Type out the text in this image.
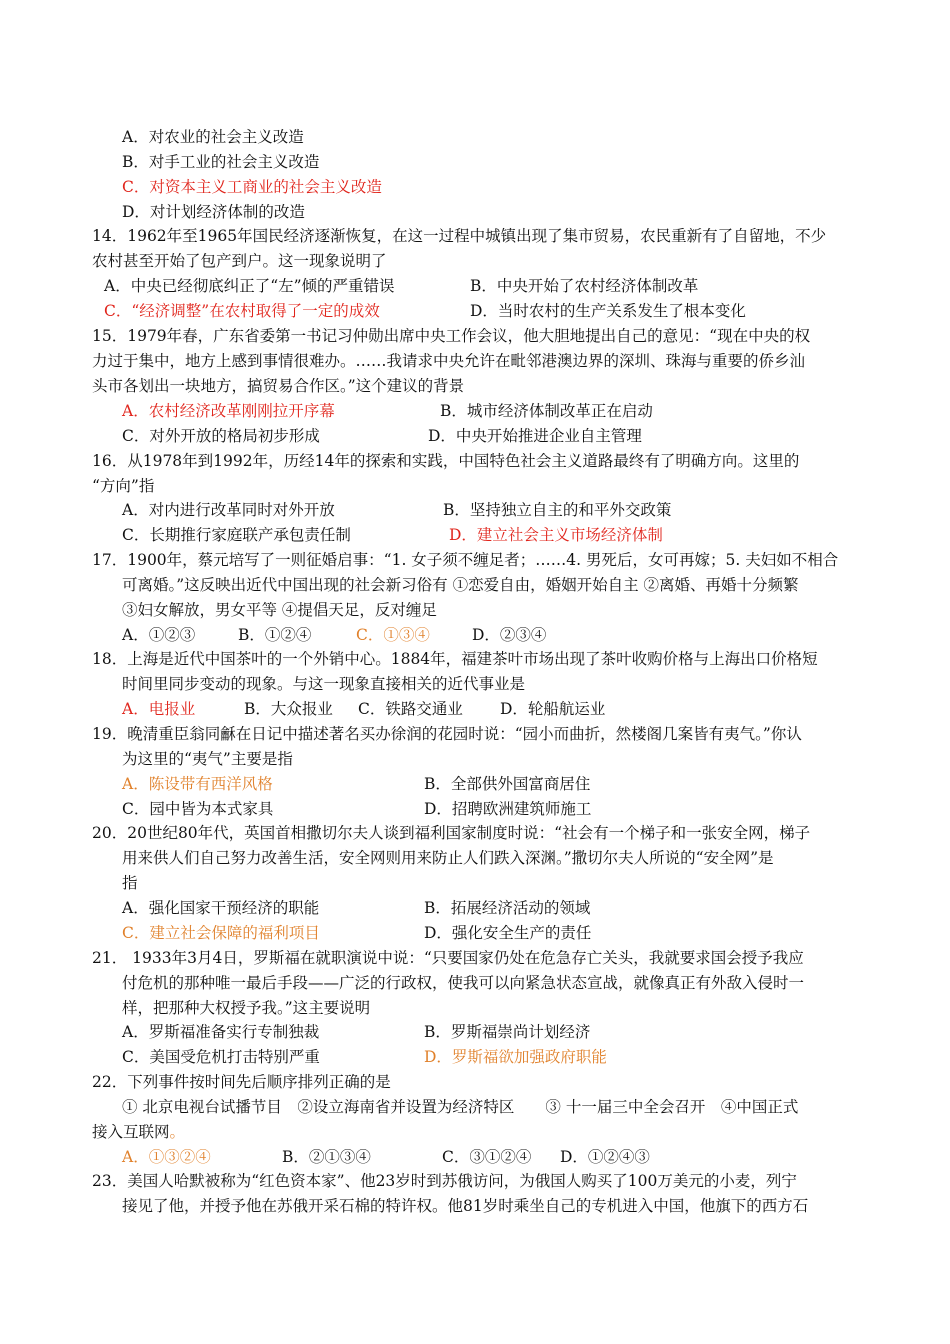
A．对农业的社会主义改造
B．对手工业的社会主义改造
C．对资本主义工商业的社会主义改造
D．对计划经济体制的改造
14．1962年至1965年国民经济逐渐恢复，在这一过程中城镇出现了集市贸易，农民重新有了自留地，不少
农村甚至开始了包产到户。这一现象说明了
A．中央已经彻底纠正了“左”倾的严重错误	B．中央开始了农村经济体制改革
C．“经济调整”在农村取得了一定的成效	D．当时农村的生产关系发生了根本变化
15．1979年春，广东省委第一书记习仲勋出席中央工作会议，他大胆地提出自己的意见：“现在中央的权
力过于集中，地方上感到事情很难办。……我请求中央允许在毗邻港澳边界的深圳、珠海与重要的侨乡汕
头市各划出一块地方，搞贸易合作区。”这个建议的背景
A．农村经济改革刚刚拉开序幕	B．城市经济体制改革正在启动
C．对外开放的格局初步形成	D．中央开始推进企业自主管理
16．从1978年到1992年，历经14年的探索和实践，中国特色社会主义道路最终有了明确方向。这里的
“方向”指
A．对内进行改革同时对外开放	B．坚持独立自主的和平外交政策
C．长期推行家庭联产承包责任制	D．建立社会主义市场经济体制
17．1900年，蔡元培写了一则征婚启事：“1. 女子须不缠足者；……4. 男死后，女可再嫁；5. 夫妇如不相合
可离婚。”这反映出近代中国出现的社会新习俗有 ①恋爱自由，婚姻开始自主 ②离婚、再婚十分频繁
③妇女解放，男女平等 ④提倡天足，反对缠足
A．①②③	B．①②④	C．①③④	D．②③④
18．上海是近代中国茶叶的一个外销中心。1884年，福建茶叶市场出现了茶叶收购价格与上海出口价格短
时间里同步变动的现象。与这一现象直接相关的近代事业是
A．电报业	B．大众报业 C．铁路交通业 D．轮船航运业
19．晚清重臣翁同龢在日记中描述著名买办徐润的花园时说：“园小而曲折，然楼阁几案皆有夷气。”你认
为这里的“夷气”主要是指
A．陈设带有西洋风格	B．全部供外国富商居住
C．园中皆为本式家具	D．招聘欧洲建筑师施工
20．20世纪80年代，英国首相撒切尔夫人谈到福利国家制度时说：“社会有一个梯子和一张安全网，梯子
用来供人们自己努力改善生活，安全网则用来防止人们跌入深渊。”撒切尔夫人所说的“安全网”是
指
A．强化国家干预经济的职能	B．拓展经济活动的领域
C．建立社会保障的福利项目	D．强化安全生产的责任
21． 1933年3月4日，罗斯福在就职演说中说：“只要国家仍处在危急存亡关头，我就要求国会授予我应
付危机的那种唯一最后手段——广泛的行政权，使我可以向紧急状态宣战，就像真正有外敌入侵时一
样，把那种大权授予我。”这主要说明
A．罗斯福准备实行专制独裁	B．罗斯福崇尚计划经济
C．美国受危机打击特别严重	D．罗斯福欲加强政府职能
22．下列事件按时间先后顺序排列正确的是
① 北京电视台试播节目　②设立海南省并设置为经济特区　　③ 十一届三中全会召开　④中国正式
接入互联网。
A．①③②④	B．②①③④	C．③①②④ D．①②④③
23．美国人哈默被称为“红色资本家”、他23岁时到苏俄访问，为俄国人购买了100万美元的小麦，列宁
接见了他，并授予他在苏俄开采石棉的特许权。他81岁时乘坐自己的专机进入中国，他旗下的西方石
